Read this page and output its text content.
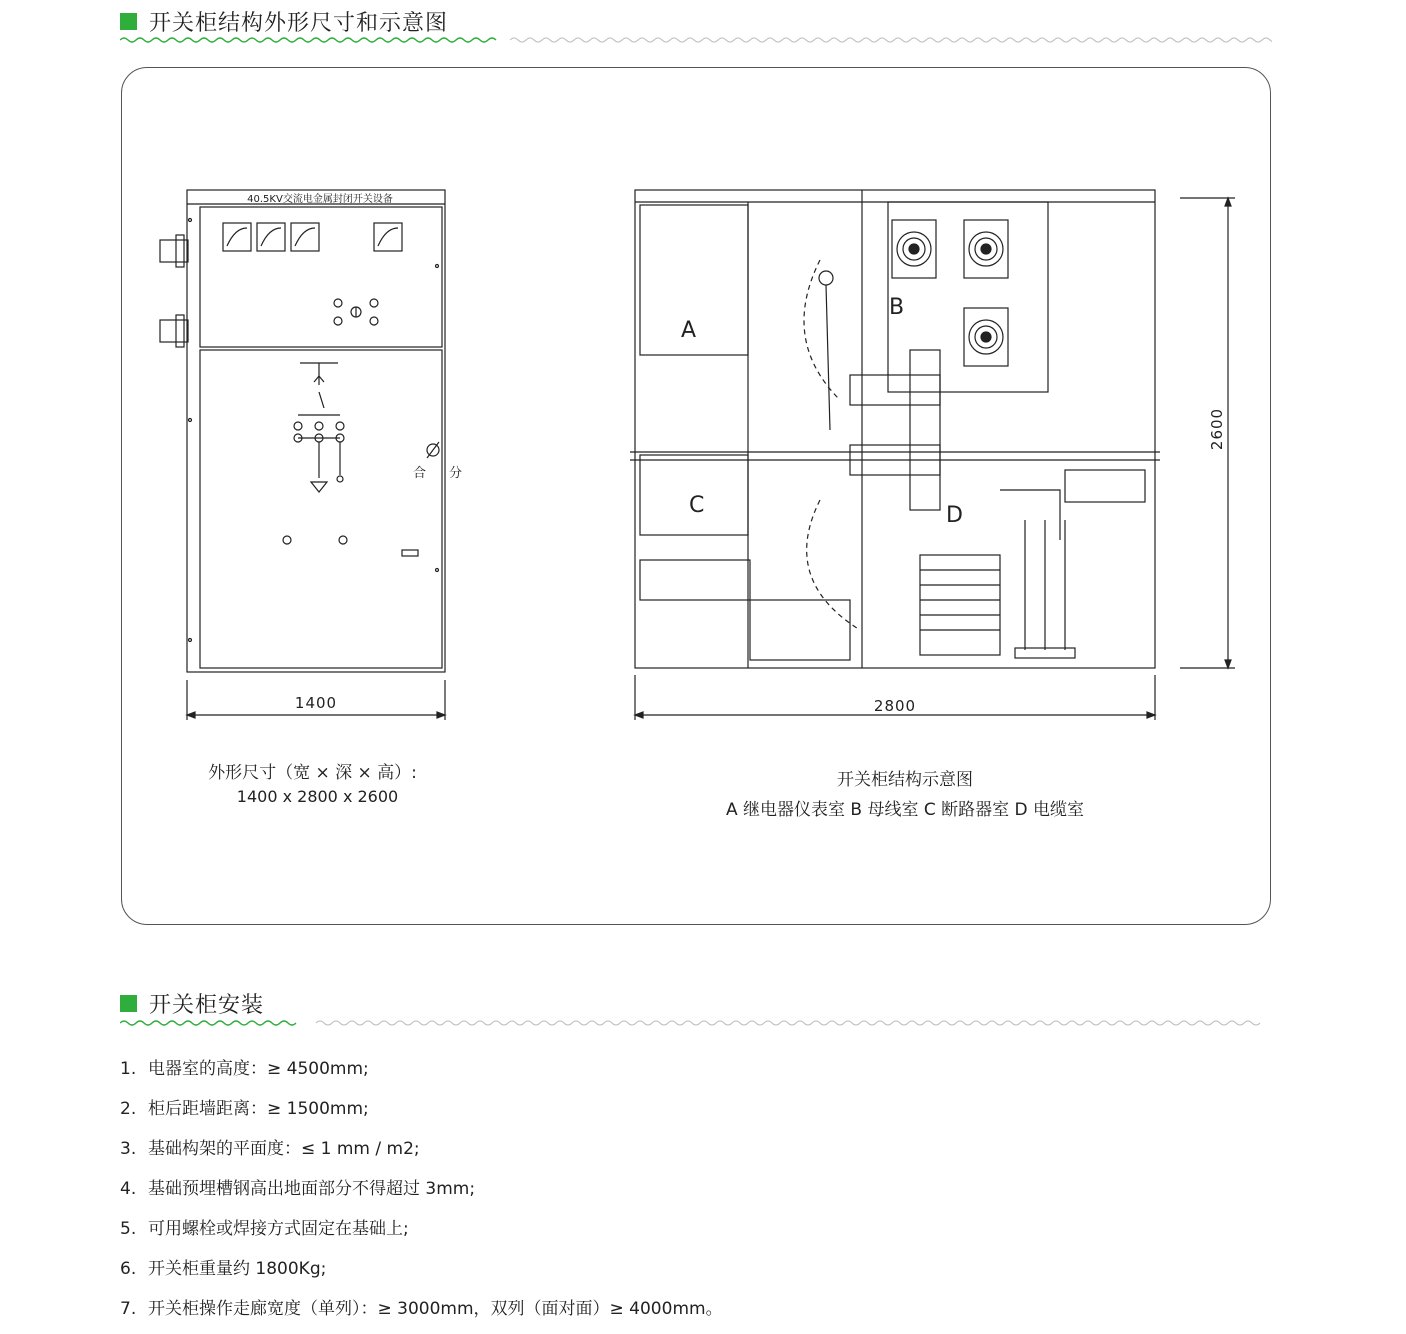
开关柜结构外形尺寸和示意图
40.5KV交流电金属封闭开关设备
合 分
1400
A
B
C	D
2800
2600
外形尺寸（宽 × 深 × 高）:
1400 x 2800 x 2600
开关柜结构示意图
A 继电器仪表室 B 母线室 C 断路器室 D 电缆室
开关柜安装
1. 电器室的高度：≥ 4500mm;
2. 柜后距墙距离：≥ 1500mm;
3. 基础构架的平面度：≤ 1 mm / m2;
4. 基础预埋槽钢高出地面部分不得超过 3mm;
5. 可用螺栓或焊接方式固定在基础上;
6. 开关柜重量约 1800Kg;
7. 开关柜操作走廊宽度（单列）：≥ 3000mm，双列（面对面）≥ 4000mm。
